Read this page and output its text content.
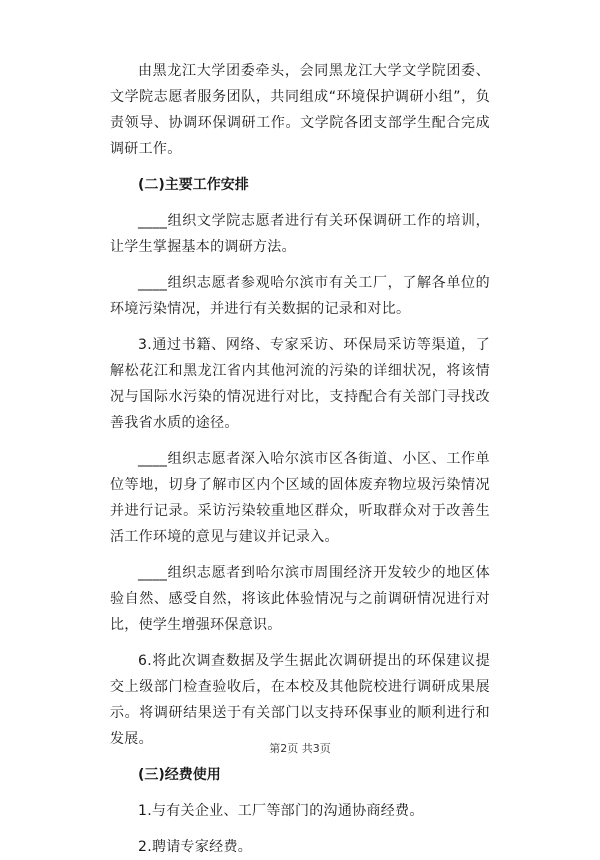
由黑龙江大学团委牵头，会同黑龙江大学文学院团委、文学院志愿者服务团队，共同组成“环境保护调研小组”，负责领导、协调环保调研工作。文学院各团支部学生配合完成调研工作。

(二)主要工作安排

____组织文学院志愿者进行有关环保调研工作的培训，让学生掌握基本的调研方法。

____组织志愿者参观哈尔滨市有关工厂，了解各单位的环境污染情况，并进行有关数据的记录和对比。

3.通过书籍、网络、专家采访、环保局采访等渠道，了解松花江和黑龙江省内其他河流的污染的详细状况，将该情况与国际水污染的情况进行对比，支持配合有关部门寻找改善我省水质的途径。

____组织志愿者深入哈尔滨市区各街道、小区、工作单位等地，切身了解市区内个区域的固体废弃物垃圾污染情况并进行记录。采访污染较重地区群众，听取群众对于改善生活工作环境的意见与建议并记录入。

____组织志愿者到哈尔滨市周围经济开发较少的地区体验自然、感受自然，将该此体验情况与之前调研情况进行对比，使学生增强环保意识。

6.将此次调查数据及学生据此次调研提出的环保建议提交上级部门检查验收后，在本校及其他院校进行调研成果展示。将调研结果送于有关部门以支持环保事业的顺利进行和发展。

(三)经费使用

1.与有关企业、工厂等部门的沟通协商经费。

2.聘请专家经费。

第2页 共3页
